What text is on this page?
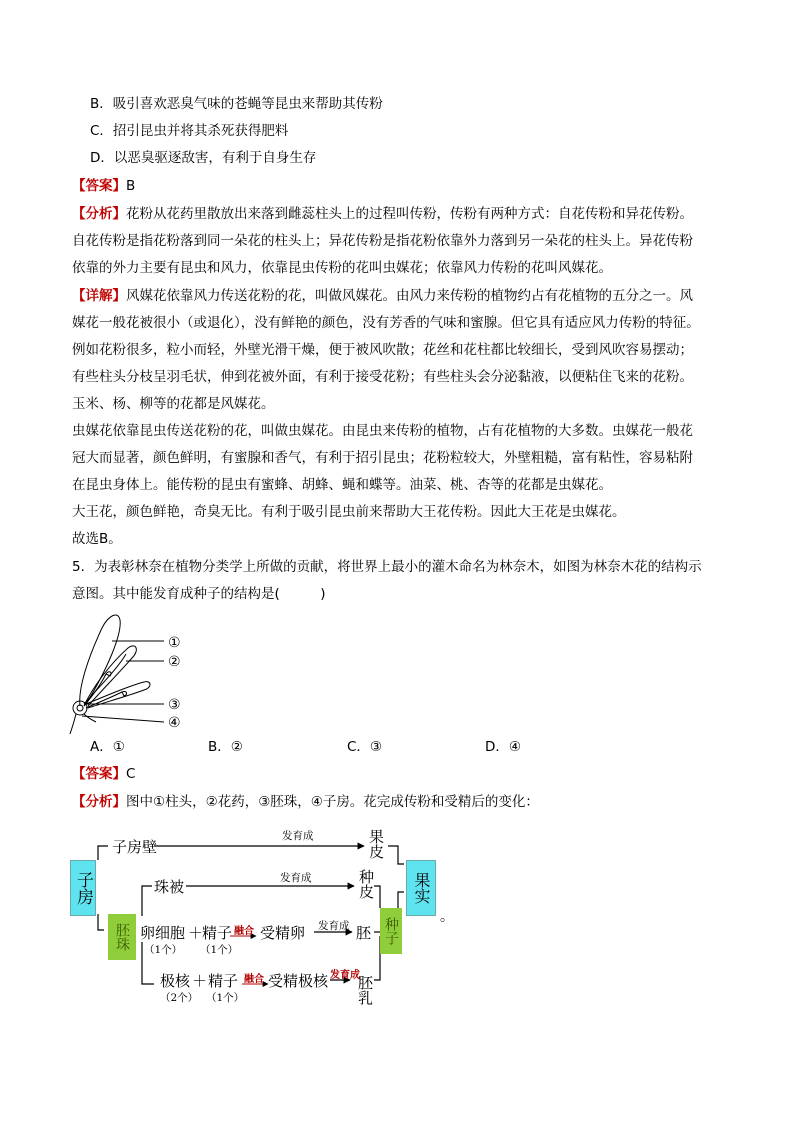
B．吸引喜欢恶臭气味的苍蝇等昆虫来帮助其传粉
C．招引昆虫并将其杀死获得肥料
D．以恶臭驱逐敌害，有利于自身生存
【答案】B
【分析】花粉从花药里散放出来落到雌蕊柱头上的过程叫传粉，传粉有两种方式：自花传粉和异花传粉。
自花传粉是指花粉落到同一朵花的柱头上；异花传粉是指花粉依靠外力落到另一朵花的柱头上。异花传粉
依靠的外力主要有昆虫和风力，依靠昆虫传粉的花叫虫媒花；依靠风力传粉的花叫风媒花。
【详解】风媒花依靠风力传送花粉的花，叫做风媒花。由风力来传粉的植物约占有花植物的五分之一。风
媒花一般花被很小（或退化），没有鲜艳的颜色，没有芳香的气味和蜜腺。但它具有适应风力传粉的特征。
例如花粉很多，粒小而轻，外壁光滑干燥，便于被风吹散；花丝和花柱都比较细长，受到风吹容易摆动；
有些柱头分枝呈羽毛状，伸到花被外面，有利于接受花粉；有些柱头会分泌黏液，以便粘住飞来的花粉。
玉米、杨、柳等的花都是风媒花。
虫媒花依靠昆虫传送花粉的花，叫做虫媒花。由昆虫来传粉的植物，占有花植物的大多数。虫媒花一般花
冠大而显著，颜色鲜明，有蜜腺和香气，有利于招引昆虫；花粉粒较大，外壁粗糙，富有粘性，容易粘附
在昆虫身体上。能传粉的昆虫有蜜蜂、胡蜂、蝇和蝶等。油菜、桃、杏等的花都是虫媒花。
大王花，颜色鲜艳，奇臭无比。有利于吸引昆虫前来帮助大王花传粉。因此大王花是虫媒花。
故选B。
5．为表彰林奈在植物分类学上所做的贡献，将世界上最小的灌木命名为林奈木，如图为林奈木花的结构示
意图。其中能发育成种子的结构是(　　　)
①
②
③
④
A．①	B．②	C．③	D．④
【答案】C
【分析】图中①柱头，②花药，③胚珠，④子房。花完成传粉和受精后的变化：
子房
胚珠	种子
果实
果皮
种皮
胚
胚乳
子房壁
发育成
珠被	发育成
卵细胞 ＋
精子
（1个） （1个）
融合 受精卵 发育成
极核 ＋ 精子
（2个） （1个）
融合 受精极核 发育成
。
